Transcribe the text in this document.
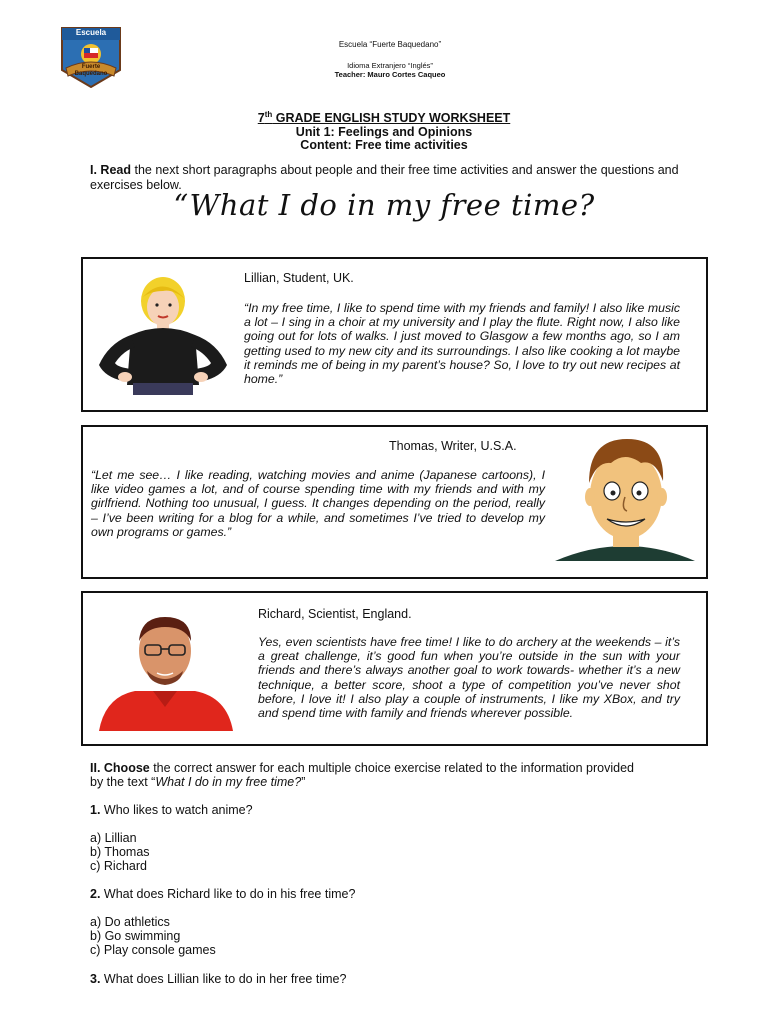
Escuela
Fuerte Baquedano
Escuela “Fuerte Baquedano”
Idioma Extranjero “Inglés”
Teacher: Mauro Cortes Caqueo
7th GRADE ENGLISH STUDY WORKSHEET
Unit 1: Feelings and Opinions
Content: Free time activities
I. Read the next short paragraphs about people and their free time activities and answer the questions and exercises below.
“What I do in my free time?
Lillian, Student, UK.
“In my free time, I like to spend time with my friends and family! I also like music a lot – I sing in a choir at my university and I play the flute. Right now, I also like going out for lots of walks. I just moved to Glasgow a few months ago, so I am getting used to my new city and its surroundings. I also like cooking a lot maybe it reminds me of being in my parent’s house? So, I love to try out new recipes at home.”
Thomas, Writer, U.S.A.
“Let me see… I like reading, watching movies and anime (Japanese cartoons), I like video games a lot, and of course spending time with my friends and with my girlfriend. Nothing too unusual, I guess. It changes depending on the period, really – I’ve been writing for a blog for a while, and sometimes I’ve tried to develop my own programs or games.”
Richard, Scientist, England.
Yes, even scientists have free time! I like to do archery at the weekends – it’s a great challenge, it’s good fun when you’re outside in the sun with your friends and there’s always another goal to work towards- whether it’s a new technique, a better score, shoot a type of competition you’ve never shot before, I love it! I also play a couple of instruments, I like my XBox, and try and spend time with family and friends wherever possible.
II. Choose the correct answer for each multiple choice exercise related to the information provided by the text “What I do in my free time?”
1. Who likes to watch anime?
a) Lillian
b) Thomas
c) Richard
2. What does Richard like to do in his free time?
a) Do athletics
b) Go swimming
c) Play console games
3. What does Lillian like to do in her free time?
